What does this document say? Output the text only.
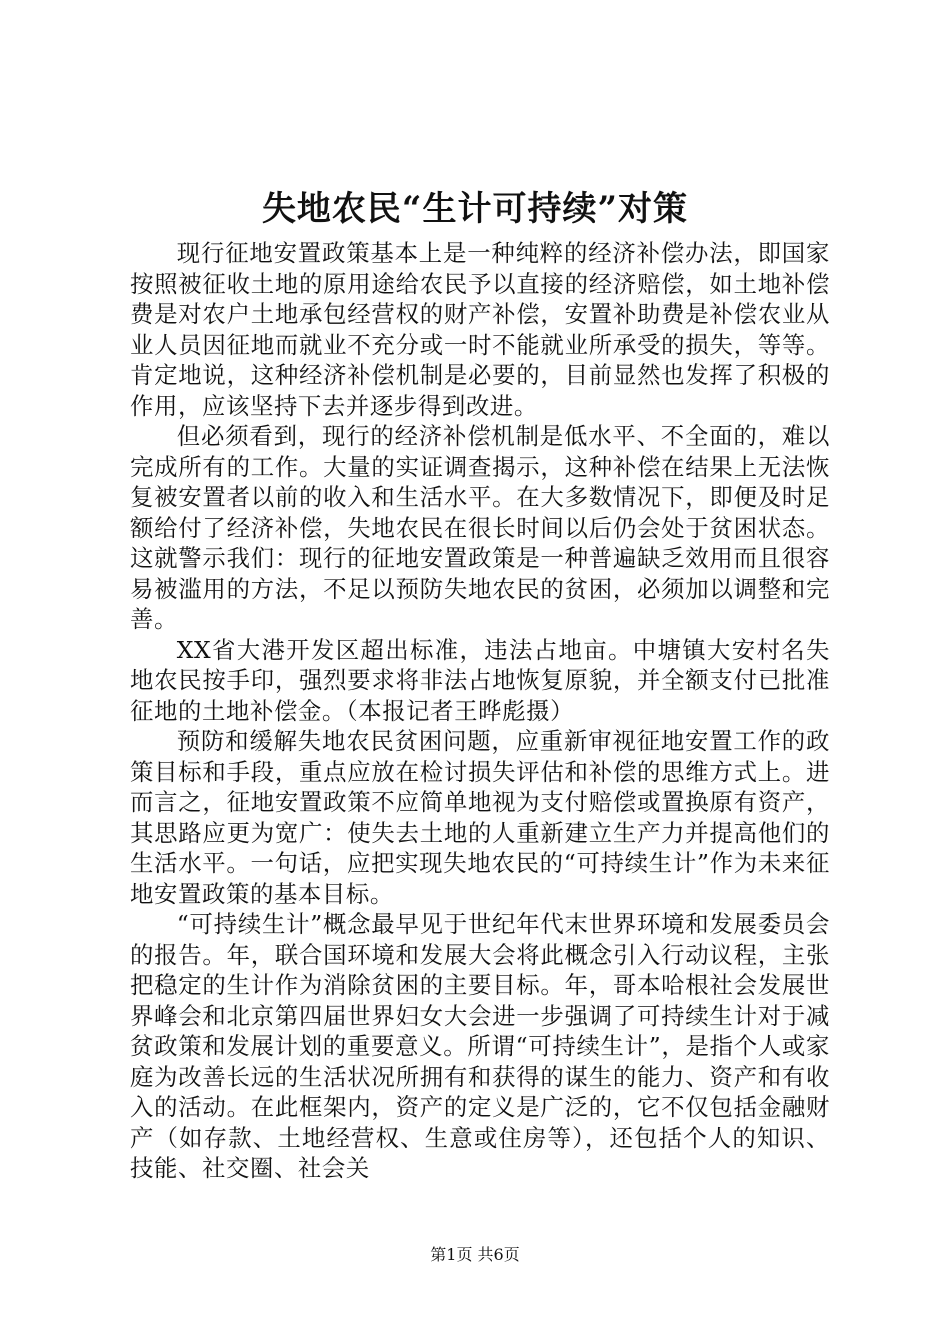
失地农民“生计可持续”对策

现行征地安置政策基本上是一种纯粹的经济补偿办法，即国家按照被征收土地的原用途给农民予以直接的经济赔偿，如土地补偿费是对农户土地承包经营权的财产补偿，安置补助费是补偿农业从业人员因征地而就业不充分或一时不能就业所承受的损失，等等。肯定地说，这种经济补偿机制是必要的，目前显然也发挥了积极的作用，应该坚持下去并逐步得到改进。

但必须看到，现行的经济补偿机制是低水平、不全面的，难以完成所有的工作。大量的实证调查揭示，这种补偿在结果上无法恢复被安置者以前的收入和生活水平。在大多数情况下，即便及时足额给付了经济补偿，失地农民在很长时间以后仍会处于贫困状态。这就警示我们：现行的征地安置政策是一种普遍缺乏效用而且很容易被滥用的方法，不足以预防失地农民的贫困，必须加以调整和完善。

XX省大港开发区超出标准，违法占地亩。中塘镇大安村名失地农民按手印，强烈要求将非法占地恢复原貌，并全额支付已批准征地的土地补偿金。（本报记者王晔彪摄）

预防和缓解失地农民贫困问题，应重新审视征地安置工作的政策目标和手段，重点应放在检讨损失评估和补偿的思维方式上。进而言之，征地安置政策不应简单地视为支付赔偿或置换原有资产，其思路应更为宽广：使失去土地的人重新建立生产力并提高他们的生活水平。一句话，应把实现失地农民的“可持续生计”作为未来征地安置政策的基本目标。

“可持续生计”概念最早见于世纪年代末世界环境和发展委员会的报告。年，联合国环境和发展大会将此概念引入行动议程，主张把稳定的生计作为消除贫困的主要目标。年，哥本哈根社会发展世界峰会和北京第四届世界妇女大会进一步强调了可持续生计对于减贫政策和发展计划的重要意义。所谓“可持续生计”，是指个人或家庭为改善长远的生活状况所拥有和获得的谋生的能力、资产和有收入的活动。在此框架内，资产的定义是广泛的，它不仅包括金融财产（如存款、土地经营权、生意或住房等），还包括个人的知识、技能、社交圈、社会关

第1页 共6页
